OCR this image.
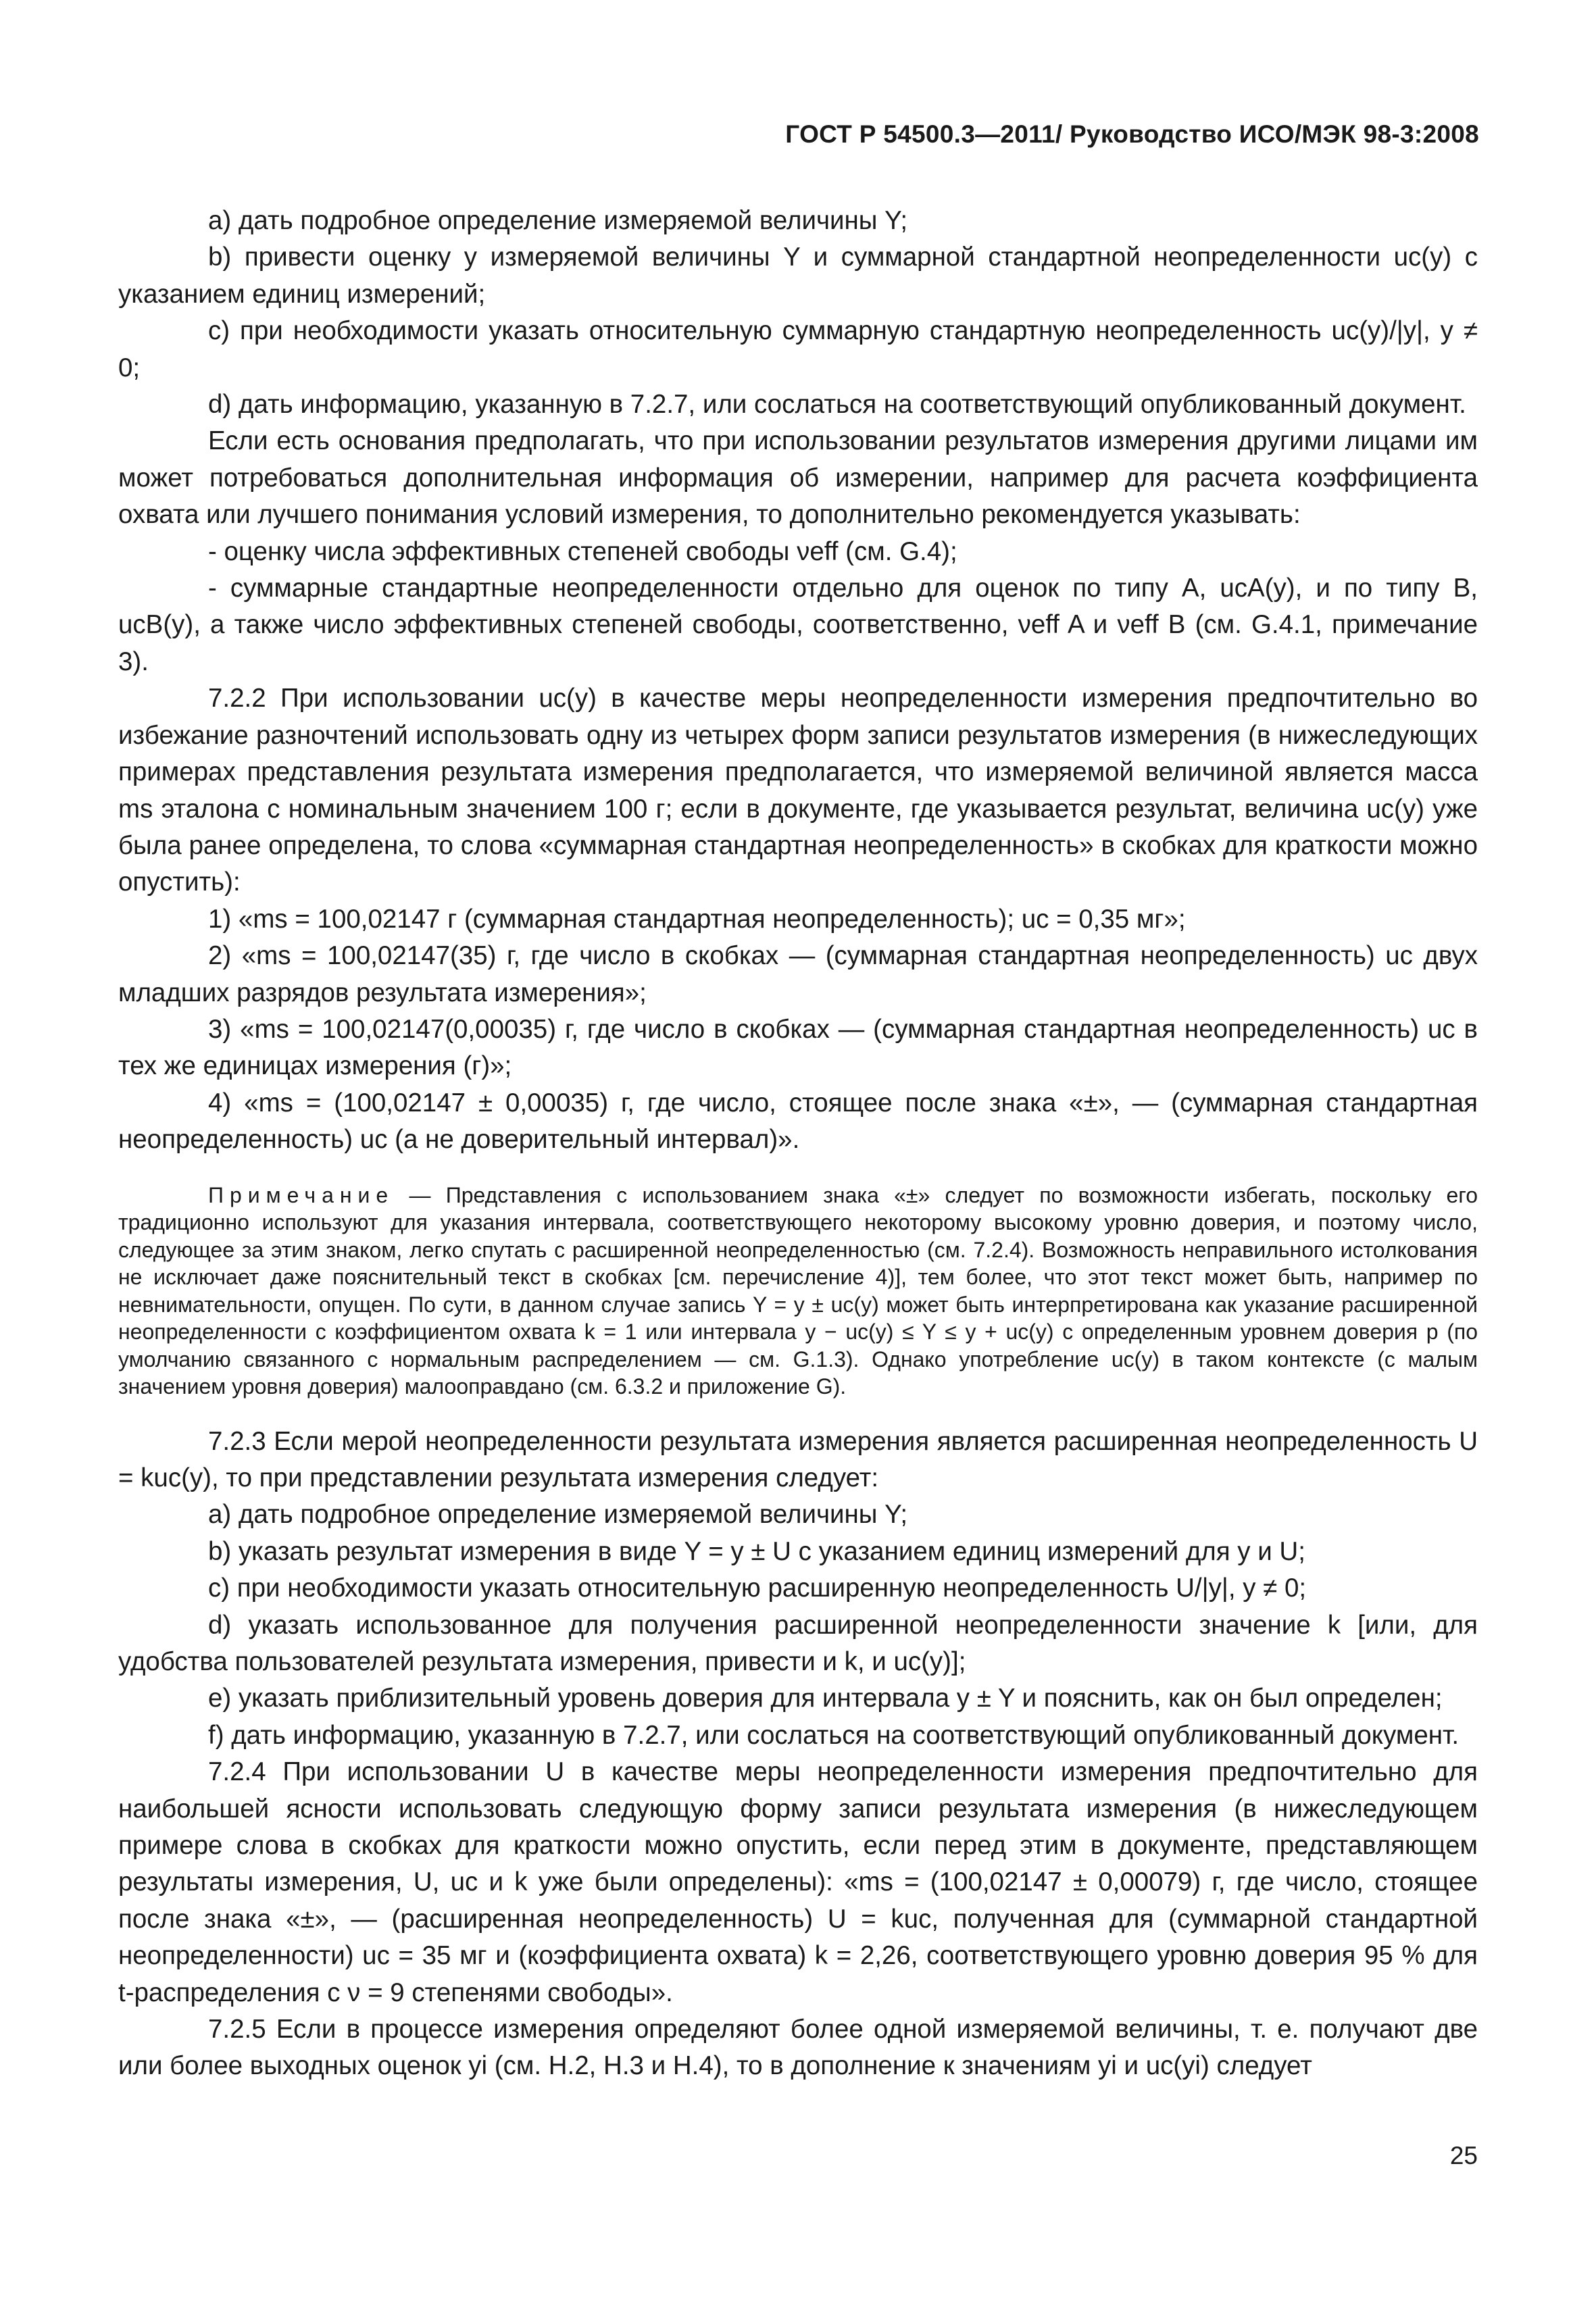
ГОСТ Р 54500.3—2011/ Руководство ИСО/МЭК 98-3:2008

a) дать подробное определение измеряемой величины Y;

b) привести оценку y измеряемой величины Y и суммарной стандартной неопределенности uc(y) с указанием единиц измерений;

c) при необходимости указать относительную суммарную стандартную неопределенность uc(y)/|y|, y ≠ 0;

d) дать информацию, указанную в 7.2.7, или сослаться на соответствующий опубликованный документ.

Если есть основания предполагать, что при использовании результатов измерения другими лицами им может потребоваться дополнительная информация об измерении, например для расчета коэффициента охвата или лучшего понимания условий измерения, то дополнительно рекомендуется указывать:

- оценку числа эффективных степеней свободы νeff (см. G.4);

- суммарные стандартные неопределенности отдельно для оценок по типу А, ucA(y), и по типу В, ucB(y), а также число эффективных степеней свободы, соответственно, νeff A и νeff B (см. G.4.1, примечание 3).

7.2.2 При использовании uc(y) в качестве меры неопределенности измерения предпочтительно во избежание разночтений использовать одну из четырех форм записи результатов измерения (в нижеследующих примерах представления результата измерения предполагается, что измеряемой величиной является масса ms эталона с номинальным значением 100 г; если в документе, где указывается результат, величина uc(y) уже была ранее определена, то слова «суммарная стандартная неопределенность» в скобках для краткости можно опустить):

1) «ms = 100,02147 г (суммарная стандартная неопределенность); uc = 0,35 мг»;

2) «ms = 100,02147(35) г, где число в скобках — (суммарная стандартная неопределенность) uc двух младших разрядов результата измерения»;

3) «ms = 100,02147(0,00035) г, где число в скобках — (суммарная стандартная неопределенность) uc в тех же единицах измерения (г)»;

4) «ms = (100,02147 ± 0,00035) г, где число, стоящее после знака «±», — (суммарная стандартная неопределенность) uc (а не доверительный интервал)».

Примечание — Представления с использованием знака «±» следует по возможности избегать, поскольку его традиционно используют для указания интервала, соответствующего некоторому высокому уровню доверия, и поэтому число, следующее за этим знаком, легко спутать с расширенной неопределенностью (см. 7.2.4). Возможность неправильного истолкования не исключает даже пояснительный текст в скобках [см. перечисление 4)], тем более, что этот текст может быть, например по невнимательности, опущен. По сути, в данном случае запись Y = y ± uc(y) может быть интерпретирована как указание расширенной неопределенности с коэффициентом охвата k = 1 или интервала y − uc(y) ≤ Y ≤ y + uc(y) с определенным уровнем доверия p (по умолчанию связанного с нормальным распределением — см. G.1.3). Однако употребление uc(y) в таком контексте (с малым значением уровня доверия) малооправдано (см. 6.3.2 и приложение G).

7.2.3 Если мерой неопределенности результата измерения является расширенная неопределенность U = kuc(y), то при представлении результата измерения следует:

a) дать подробное определение измеряемой величины Y;

b) указать результат измерения в виде Y = y ± U с указанием единиц измерений для y и U;

c) при необходимости указать относительную расширенную неопределенность U/|y|, y ≠ 0;

d) указать использованное для получения расширенной неопределенности значение k [или, для удобства пользователей результата измерения, привести и k, и uc(y)];

e) указать приблизительный уровень доверия для интервала y ± Y и пояснить, как он был определен;

f) дать информацию, указанную в 7.2.7, или сослаться на соответствующий опубликованный документ.

7.2.4 При использовании U в качестве меры неопределенности измерения предпочтительно для наибольшей ясности использовать следующую форму записи результата измерения (в нижеследующем примере слова в скобках для краткости можно опустить, если перед этим в документе, представляющем результаты измерения, U, uc и k уже были определены): «ms = (100,02147 ± 0,00079) г, где число, стоящее после знака «±», — (расширенная неопределенность) U = kuc, полученная для (суммарной стандартной неопределенности) uc = 35 мг и (коэффициента охвата) k = 2,26, соответствующего уровню доверия 95 % для t-распределения с ν = 9 степенями свободы».

7.2.5 Если в процессе измерения определяют более одной измеряемой величины, т. е. получают две или более выходных оценок yi (см. H.2, H.3 и H.4), то в дополнение к значениям yi и uc(yi) следует

25
